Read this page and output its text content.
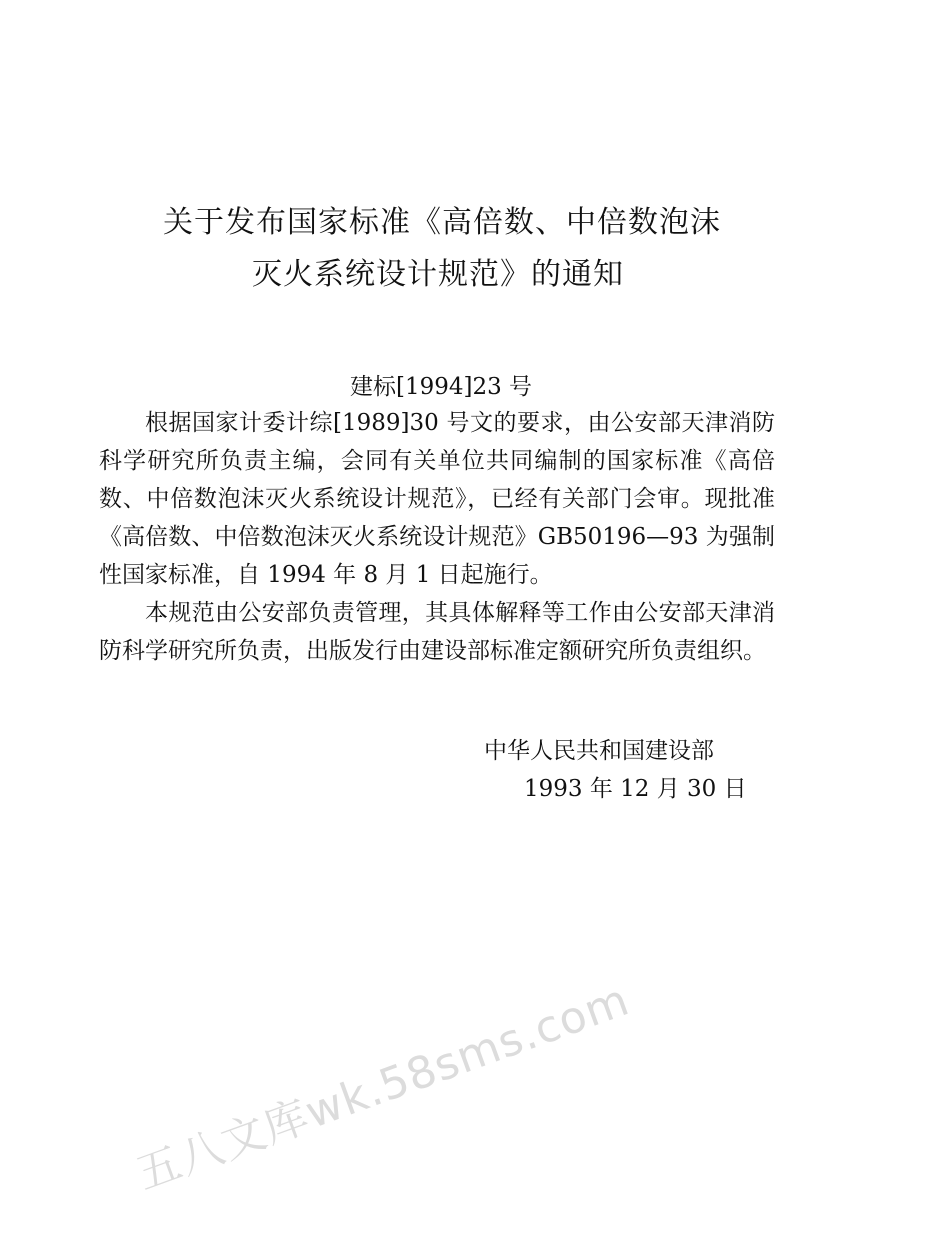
关于发布国家标准《高倍数、中倍数泡沫
灭火系统设计规范》的通知
建标[1994]23 号

根据国家计委计综[1989]30 号文的要求，由公安部天津消防科学研究所负责主编，会同有关单位共同编制的国家标准《高倍数、中倍数泡沫灭火系统设计规范》，已经有关部门会审。现批准《高倍数、中倍数泡沫灭火系统设计规范》GB50196—93 为强制性国家标准，自 1994 年 8 月 1 日起施行。

本规范由公安部负责管理，其具体解释等工作由公安部天津消防科学研究所负责，出版发行由建设部标准定额研究所负责组织。

中华人民共和国建设部
1993 年 12 月 30 日
五八文库wk.58sms.com
